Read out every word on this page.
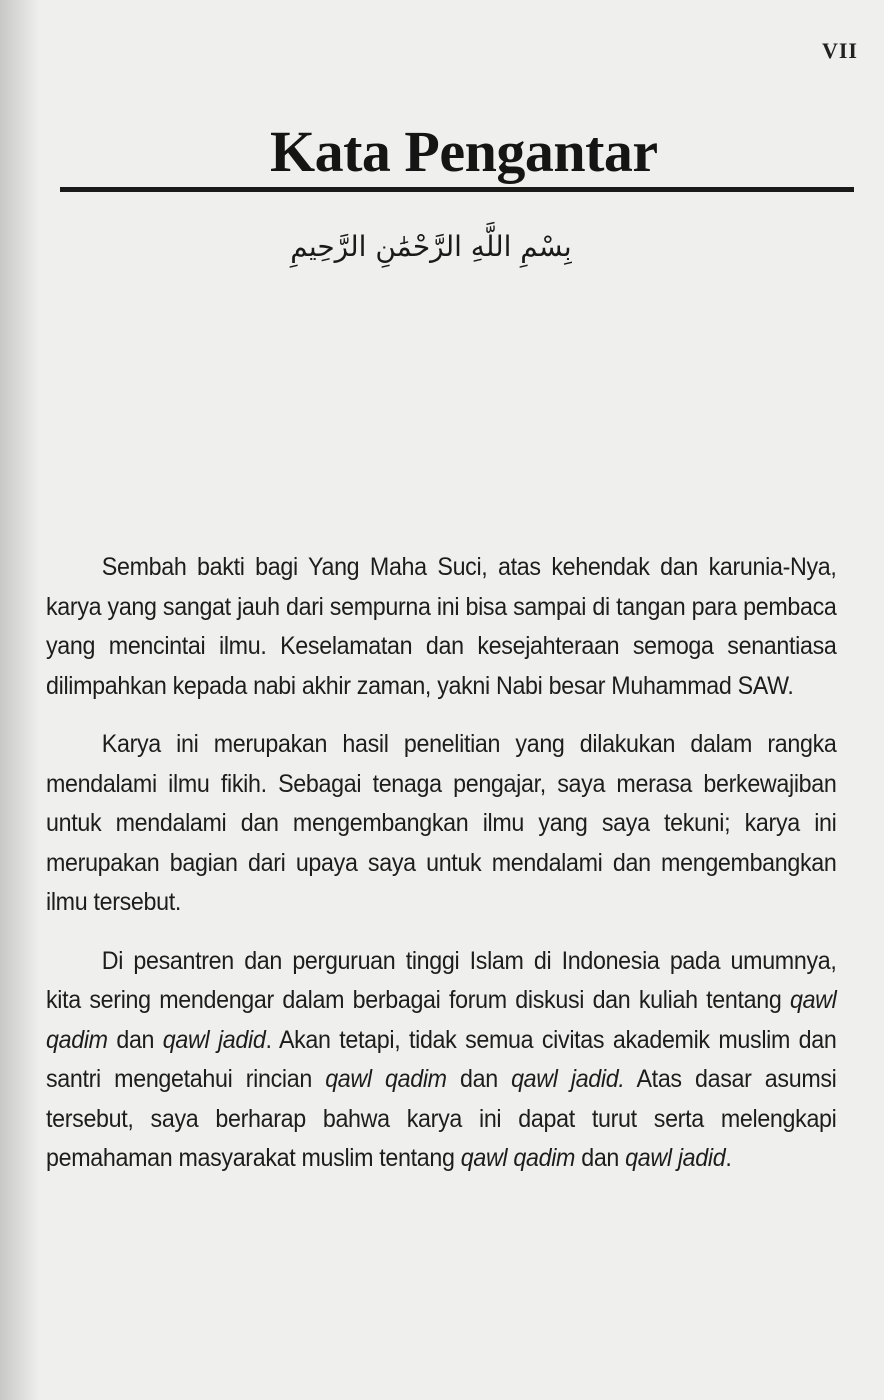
VII
Kata Pengantar
بِسْمِ اللَّهِ الرَّحْمَٰنِ الرَّحِيمِ

Sembah bakti bagi Yang Maha Suci, atas kehendak dan karunia-Nya, karya yang sangat jauh dari sempurna ini bisa sampai di tangan para pembaca yang mencintai ilmu. Keselamatan dan kesejahteraan semoga senantiasa dilimpahkan kepada nabi akhir zaman, yakni Nabi besar Muhammad SAW.

Karya ini merupakan hasil penelitian yang dilakukan dalam rangka mendalami ilmu fikih. Sebagai tenaga pengajar, saya merasa berkewajiban untuk mendalami dan mengembangkan ilmu yang saya tekuni; karya ini merupakan bagian dari upaya saya untuk mendalami dan mengembangkan ilmu tersebut.

Di pesantren dan perguruan tinggi Islam di Indonesia pada umumnya, kita sering mendengar dalam berbagai forum diskusi dan kuliah tentang qawl qadim dan qawl jadid. Akan tetapi, tidak semua civitas akademik muslim dan santri mengetahui rincian qawl qadim dan qawl jadid. Atas dasar asumsi tersebut, saya berharap bahwa karya ini dapat turut serta melengkapi pemahaman masyarakat muslim tentang qawl qadim dan qawl jadid.
